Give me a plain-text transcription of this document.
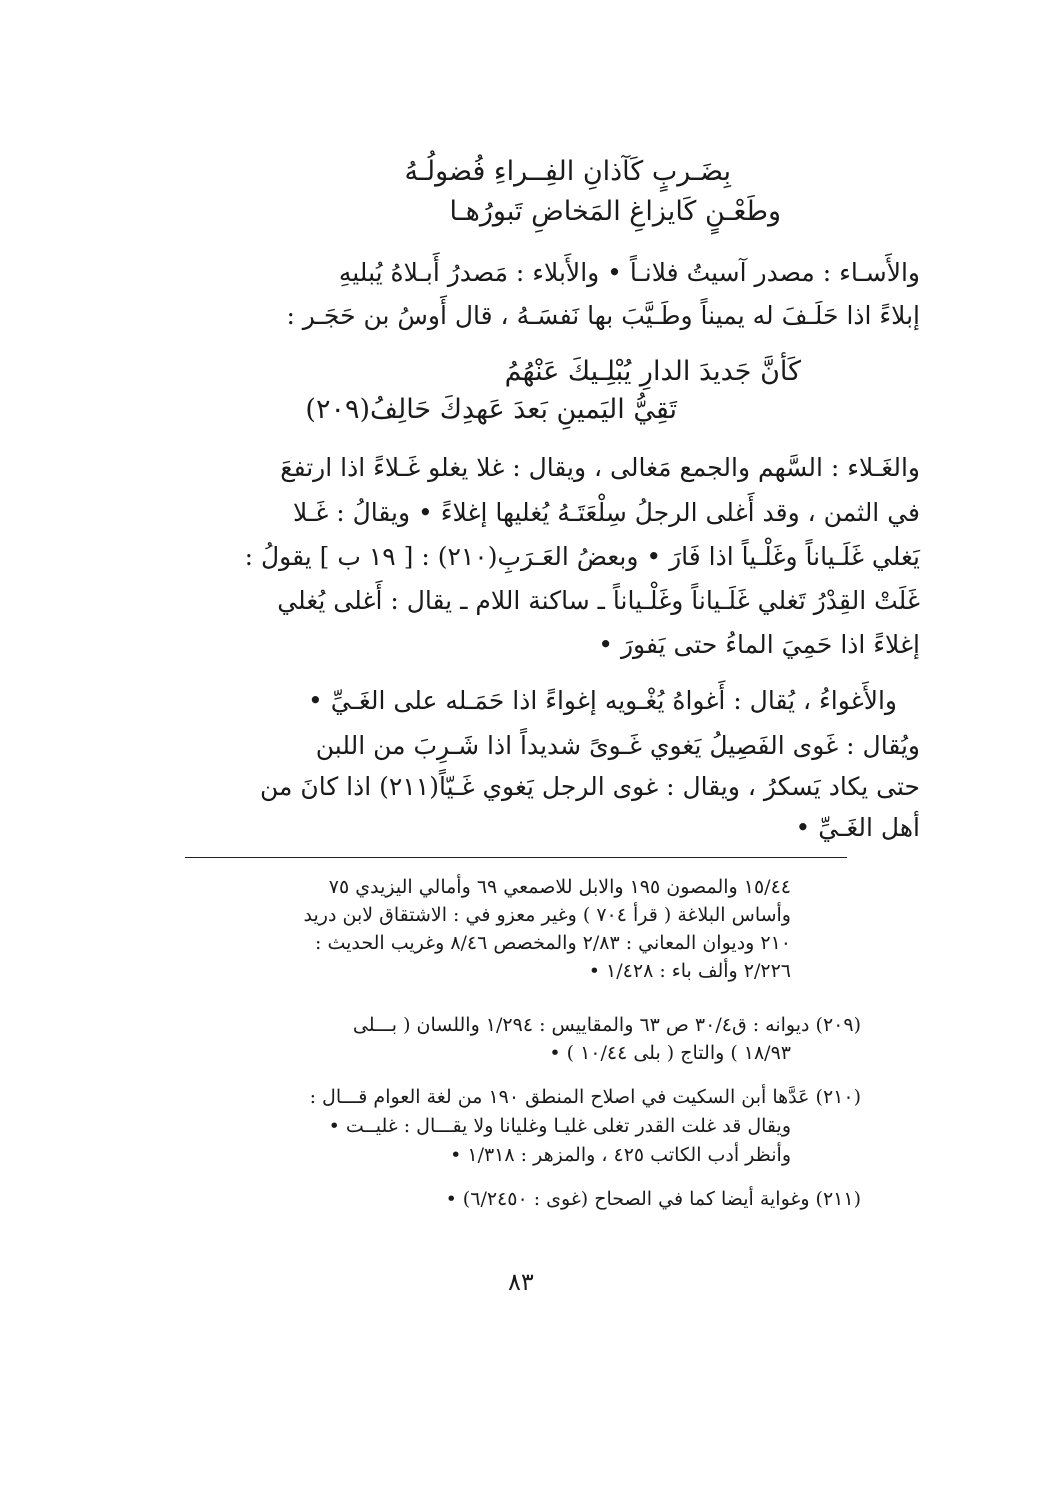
بِضَـربٍ كَآذانِ الفِــراءِ فُضولُـهُ
وطَعْـنٍ كَايزاغِ المَخاضِ تَبورُهـا
والأَسـاء : مصدر آسيتُ فلانـاً • والأَبلاء : مَصدرُ أَبـلاهُ يُبليهِ
إبلاءً اذا حَلَـفَ له يميناً وطَـيَّبَ بها نَفسَـهُ ، قال أَوسُ بن حَجَـر :
كَأنَّ جَديدَ الدارِ يُبْلِـيكَ عَنْهُمُ
تَقِيُّ اليَمينِ بَعدَ عَهدِكَ حَالِفُ(٢٠٩)
والغَـلاء : السَّهم والجمع مَغالى ، ويقال : غلا يغلو غَـلاءً اذا ارتفعَ
في الثمن ، وقد أَغلى الرجلُ سِلْعَتَـهُ يُغليها إغلاءً • ويقالُ : غَـلا
يَغلي غَلَـياناً وغَلْـياً اذا فَارَ • وبعضُ العَـرَبِ(٢١٠) : [ ١٩ ب ] يقولُ :
غَلَتْ القِدْرُ تَغلي غَلَـياناً وغَلْـياناً ـ ساكنة اللام ـ يقال : أَغلى يُغلي
إغلاءً اذا حَمِيَ الماءُ حتى يَفورَ •
والأَغواءُ ، يُقال : أَغواهُ يُغْـويه إغواءً اذا حَمَـله على الغَـيِّ •
ويُقال : غَوى الفَصِيلُ يَغوي غَـوىً شديداً اذا شَـرِبَ من اللبن
حتى يكاد يَسكرُ ، ويقال : غوى الرجل يَغوي غَـيّاً(٢١١) اذا كانَ من
أهل الغَـيِّ •
١٥/٤٤ والمصون ١٩٥ والابل للاصمعي ٦٩ وأمالي اليزيدي ٧٥
وأساس البلاغة ( قرأ ٧٠٤ ) وغير معزو في : الاشتقاق لابن دريد
٢١٠ وديوان المعاني : ٢/٨٣ والمخصص ٨/٤٦ وغريب الحديث :
٢/٢٢٦ وألف باء : ١/٤٢٨ •
(٢٠٩) ديوانه : ق٣٠/٤ ص ٦٣ والمقاييس : ١/٢٩٤ واللسان ( بـــلى
١٨/٩٣ ) والتاج ( بلى ١٠/٤٤ ) •
(٢١٠) عَدَّها أبن السكيت في اصلاح المنطق ١٩٠ من لغة العوام قـــال :
ويقال قد غلت القدر تغلى غليـا وغليانا ولا يقـــال : غليــت •
وأنظر أدب الكاتب ٤٢٥ ، والمزهر : ١/٣١٨ •
(٢١١) وغواية أيضا كما في الصحاح (غوى : ٦/٢٤٥٠) •
٨٣
